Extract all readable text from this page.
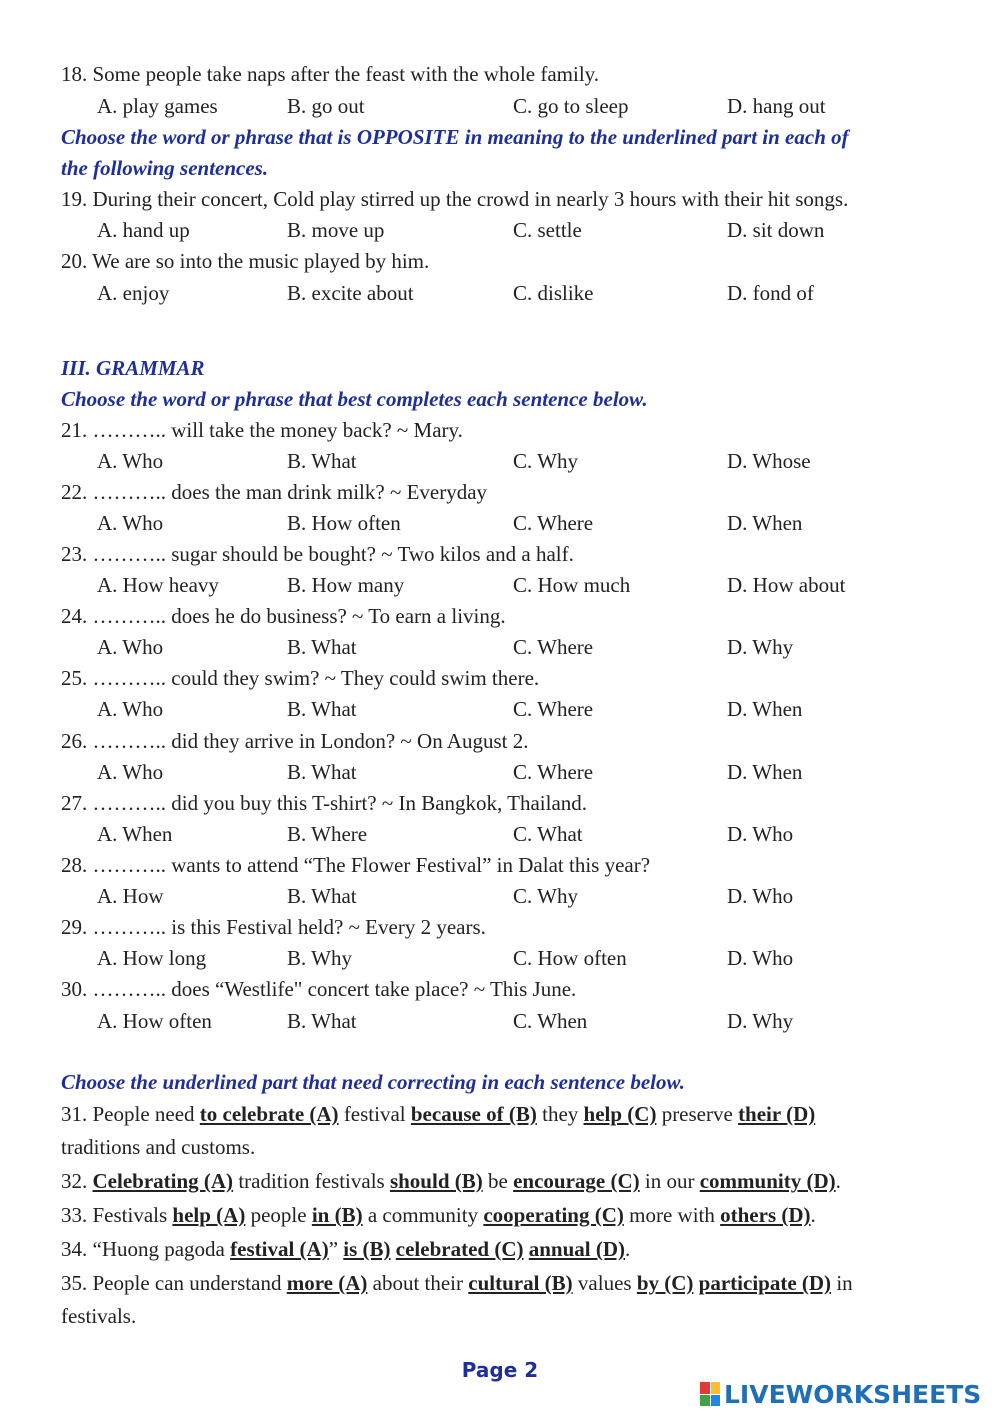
18. Some people take naps after the feast with the whole family.
A. play games	B. go out	C. go to sleep	D. hang out
Choose the word or phrase that is OPPOSITE in meaning to the underlined part in each of
the following sentences.
19. During their concert, Cold play stirred up the crowd in nearly 3 hours with their hit songs.
A. hand up	B. move up	C. settle	D. sit down
20. We are so into the music played by him.
A. enjoy	B. excite about	C. dislike	D. fond of
III. GRAMMAR
Choose the word or phrase that best completes each sentence below.
21. ……….. will take the money back? ~ Mary.
A. Who	B. What	C. Why	D. Whose
22. ……….. does the man drink milk? ~ Everyday
A. Who	B. How often	C. Where	D. When
23. ……….. sugar should be bought? ~ Two kilos and a half.
A. How heavy	B. How many	C. How much	D. How about
24. ……….. does he do business? ~ To earn a living.
A. Who	B. What	C. Where	D. Why
25. ……….. could they swim? ~ They could swim there.
A. Who	B. What	C. Where	D. When
26. ……….. did they arrive in London? ~ On August 2.
A. Who	B. What	C. Where	D. When
27. ……….. did you buy this T-shirt? ~ In Bangkok, Thailand.
A. When	B. Where	C. What	D. Who
28. ……….. wants to attend “The Flower Festival” in Dalat this year?
A. How	B. What	C. Why	D. Who
29. ……….. is this Festival held? ~ Every 2 years.
A. How long	B. Why	C. How often	D. Who
30. ……….. does “Westlife" concert take place? ~ This June.
A. How often	B. What	C. When	D. Why
Choose the underlined part that need correcting in each sentence below.
31. People need to celebrate (A) festival because of (B) they help (C) preserve their (D)
traditions and customs.
32. Celebrating (A) tradition festivals should (B) be encourage (C) in our community (D).
33. Festivals help (A) people in (B) a community cooperating (C) more with others (D).
34. “Huong pagoda festival (A)” is (B) celebrated (C) annual (D).
35. People can understand more (A) about their cultural (B) values by (C) participate (D) in
festivals.
Page 2
LIVEWORKSHEETS
